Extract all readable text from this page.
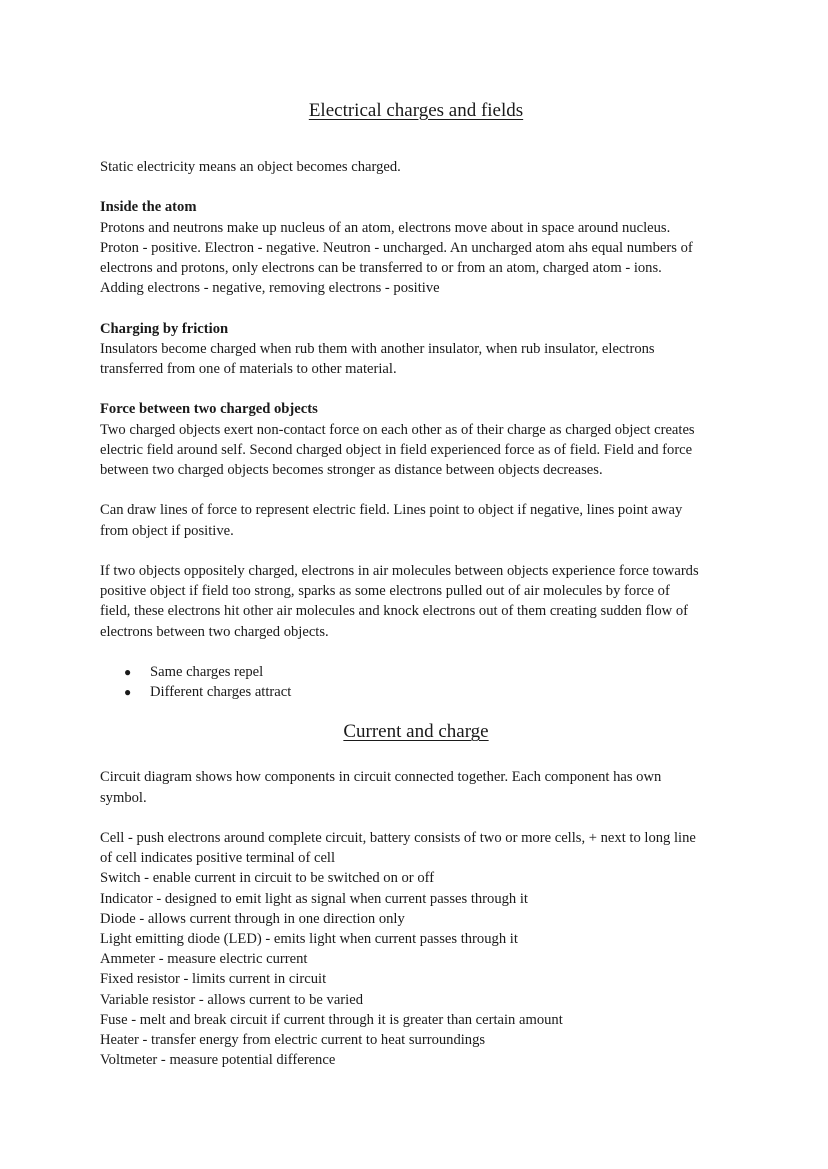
Electrical charges and fields

Static electricity means an object becomes charged.

Inside the atom

Protons and neutrons make up nucleus of an atom, electrons move about in space around nucleus.

Proton - positive. Electron - negative. Neutron - uncharged. An uncharged atom ahs equal numbers of

electrons and protons, only electrons can be transferred to or from an atom, charged atom - ions.

Adding electrons - negative, removing electrons - positive

Charging by friction

Insulators become charged when rub them with another insulator, when rub insulator, electrons

transferred from one of materials to other material.

Force between two charged objects

Two charged objects exert non-contact force on each other as of their charge as charged object creates

electric field around self. Second charged object in field experienced force as of field. Field and force

between two charged objects becomes stronger as distance between objects decreases.

Can draw lines of force to represent electric field. Lines point to object if negative, lines point away

from object if positive.

If two objects oppositely charged, electrons in air molecules between objects experience force towards

positive object if field too strong, sparks as some electrons pulled out of air molecules by force of

field, these electrons hit other air molecules and knock electrons out of them creating sudden flow of

electrons between two charged objects.

●	Same charges repel
●	Different charges attract
Current and charge

Circuit diagram shows how components in circuit connected together. Each component has own

symbol.

Cell - push electrons around complete circuit, battery consists of two or more cells, + next to long line

of cell indicates positive terminal of cell

Switch - enable current in circuit to be switched on or off

Indicator - designed to emit light as signal when current passes through it

Diode - allows current through in one direction only

Light emitting diode (LED) - emits light when current passes through it

Ammeter - measure electric current

Fixed resistor - limits current in circuit

Variable resistor - allows current to be varied

Fuse - melt and break circuit if current through it is greater than certain amount

Heater - transfer energy from electric current to heat surroundings

Voltmeter - measure potential difference
